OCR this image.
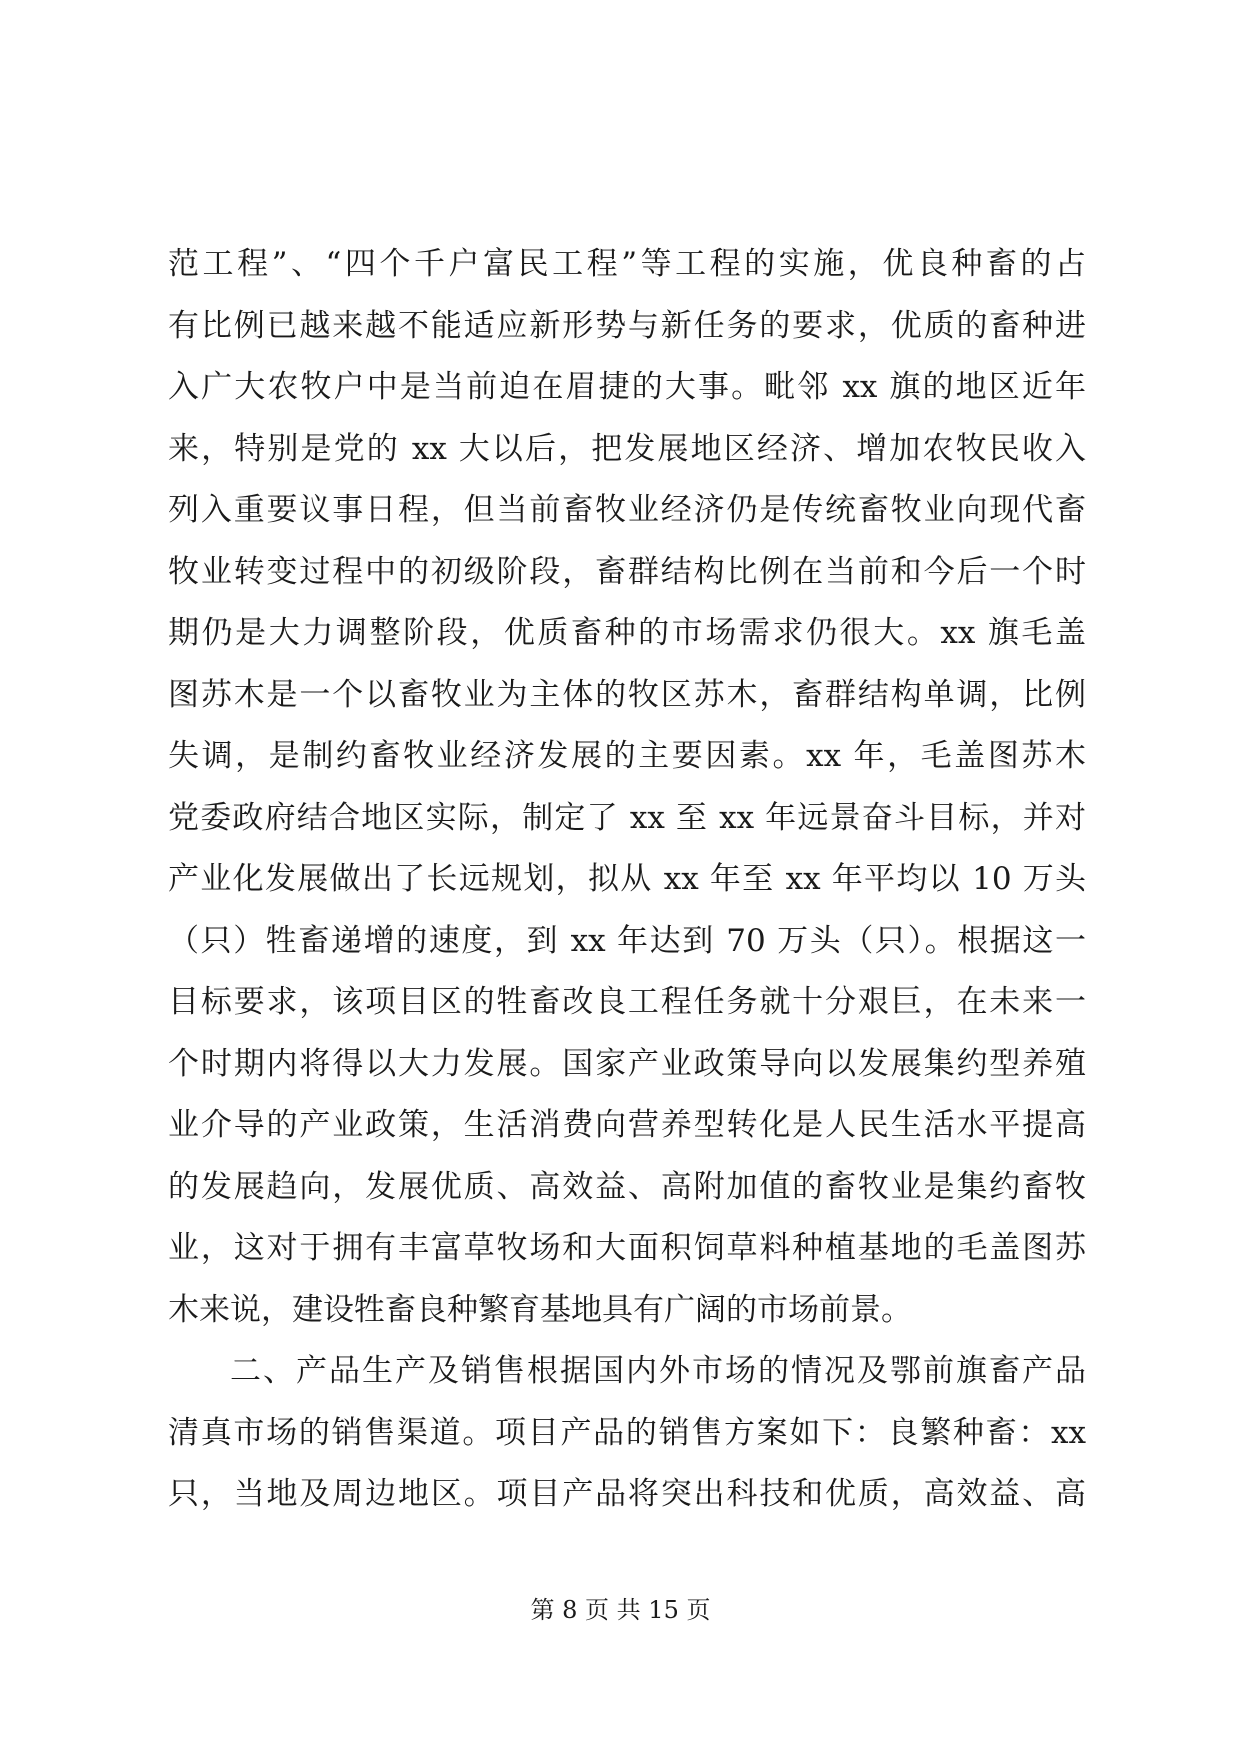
范工程”、“四个千户富民工程”等工程的实施，优良种畜的占
有比例已越来越不能适应新形势与新任务的要求，优质的畜种进
入广大农牧户中是当前迫在眉捷的大事。毗邻 xx 旗的地区近年
来，特别是党的 xx 大以后，把发展地区经济、增加农牧民收入
列入重要议事日程，但当前畜牧业经济仍是传统畜牧业向现代畜
牧业转变过程中的初级阶段，畜群结构比例在当前和今后一个时
期仍是大力调整阶段，优质畜种的市场需求仍很大。xx 旗毛盖
图苏木是一个以畜牧业为主体的牧区苏木，畜群结构单调，比例
失调，是制约畜牧业经济发展的主要因素。xx 年，毛盖图苏木
党委政府结合地区实际，制定了 xx 至 xx 年远景奋斗目标，并对
产业化发展做出了长远规划，拟从 xx 年至 xx 年平均以 10 万头
（只）牲畜递增的速度，到 xx 年达到 70 万头（只）。根据这一
目标要求，该项目区的牲畜改良工程任务就十分艰巨，在未来一
个时期内将得以大力发展。国家产业政策导向以发展集约型养殖
业介导的产业政策，生活消费向营养型转化是人民生活水平提高
的发展趋向，发展优质、高效益、高附加值的畜牧业是集约畜牧
业，这对于拥有丰富草牧场和大面积饲草料种植基地的毛盖图苏
木来说，建设牲畜良种繁育基地具有广阔的市场前景。
二、产品生产及销售根据国内外市场的情况及鄂前旗畜产品
清真市场的销售渠道。项目产品的销售方案如下：良繁种畜：xx
只，当地及周边地区。项目产品将突出科技和优质，高效益、高
第 8 页 共 15 页
